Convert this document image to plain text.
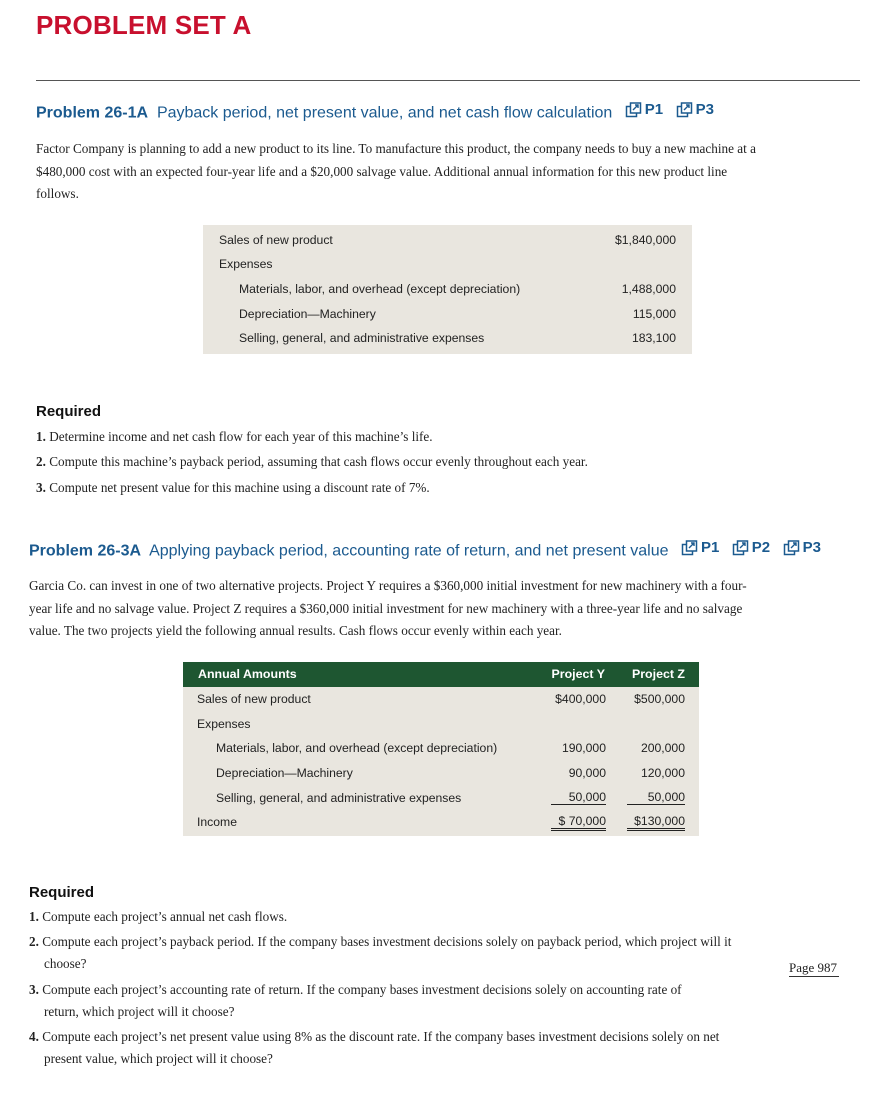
PROBLEM SET A
Problem 26-1A Payback period, net present value, and net cash flow calculation P1
P3
Factor Company is planning to add a new product to its line. To manufacture this product, the company needs to buy a new machine at a
$480,000 cost with an expected four-year life and a $20,000 salvage value. Additional annual information for this new product line
follows.
Sales of new product	$1,840,000
Expenses
Materials, labor, and overhead (except depreciation)	1,488,000
Depreciation—Machinery	115,000
Selling, general, and administrative expenses	183,100
Required
1. Determine income and net cash flow for each year of this machine’s life.
2. Compute this machine’s payback period, assuming that cash flows occur evenly throughout each year.
3. Compute net present value for this machine using a discount rate of 7%.
Problem 26-3A Applying payback period, accounting rate of return, and net present value P1
P2
P3
Garcia Co. can invest in one of two alternative projects. Project Y requires a $360,000 initial investment for new machinery with a four-
year life and no salvage value. Project Z requires a $360,000 initial investment for new machinery with a three-year life and no salvage
value. The two projects yield the following annual results. Cash flows occur evenly within each year.
Annual Amounts	Project Y Project Z
Sales of new product	$400,000 $500,000
Expenses
Materials, labor, and overhead (except depreciation)	190,000	200,000
Depreciation—Machinery	90,000	120,000
Selling, general, and administrative expenses	50,000	50,000
Income	$ 70,000	$130,000
Required
1. Compute each project’s annual net cash flows.
2. Compute each project’s payback period. If the company bases investment decisions solely on payback period, which project will it
choose?
3. Compute each project’s accounting rate of return. If the company bases investment decisions solely on accounting rate of
return, which project will it choose?
4. Compute each project’s net present value using 8% as the discount rate. If the company bases investment decisions solely on net
present value, which project will it choose?
Page 987
